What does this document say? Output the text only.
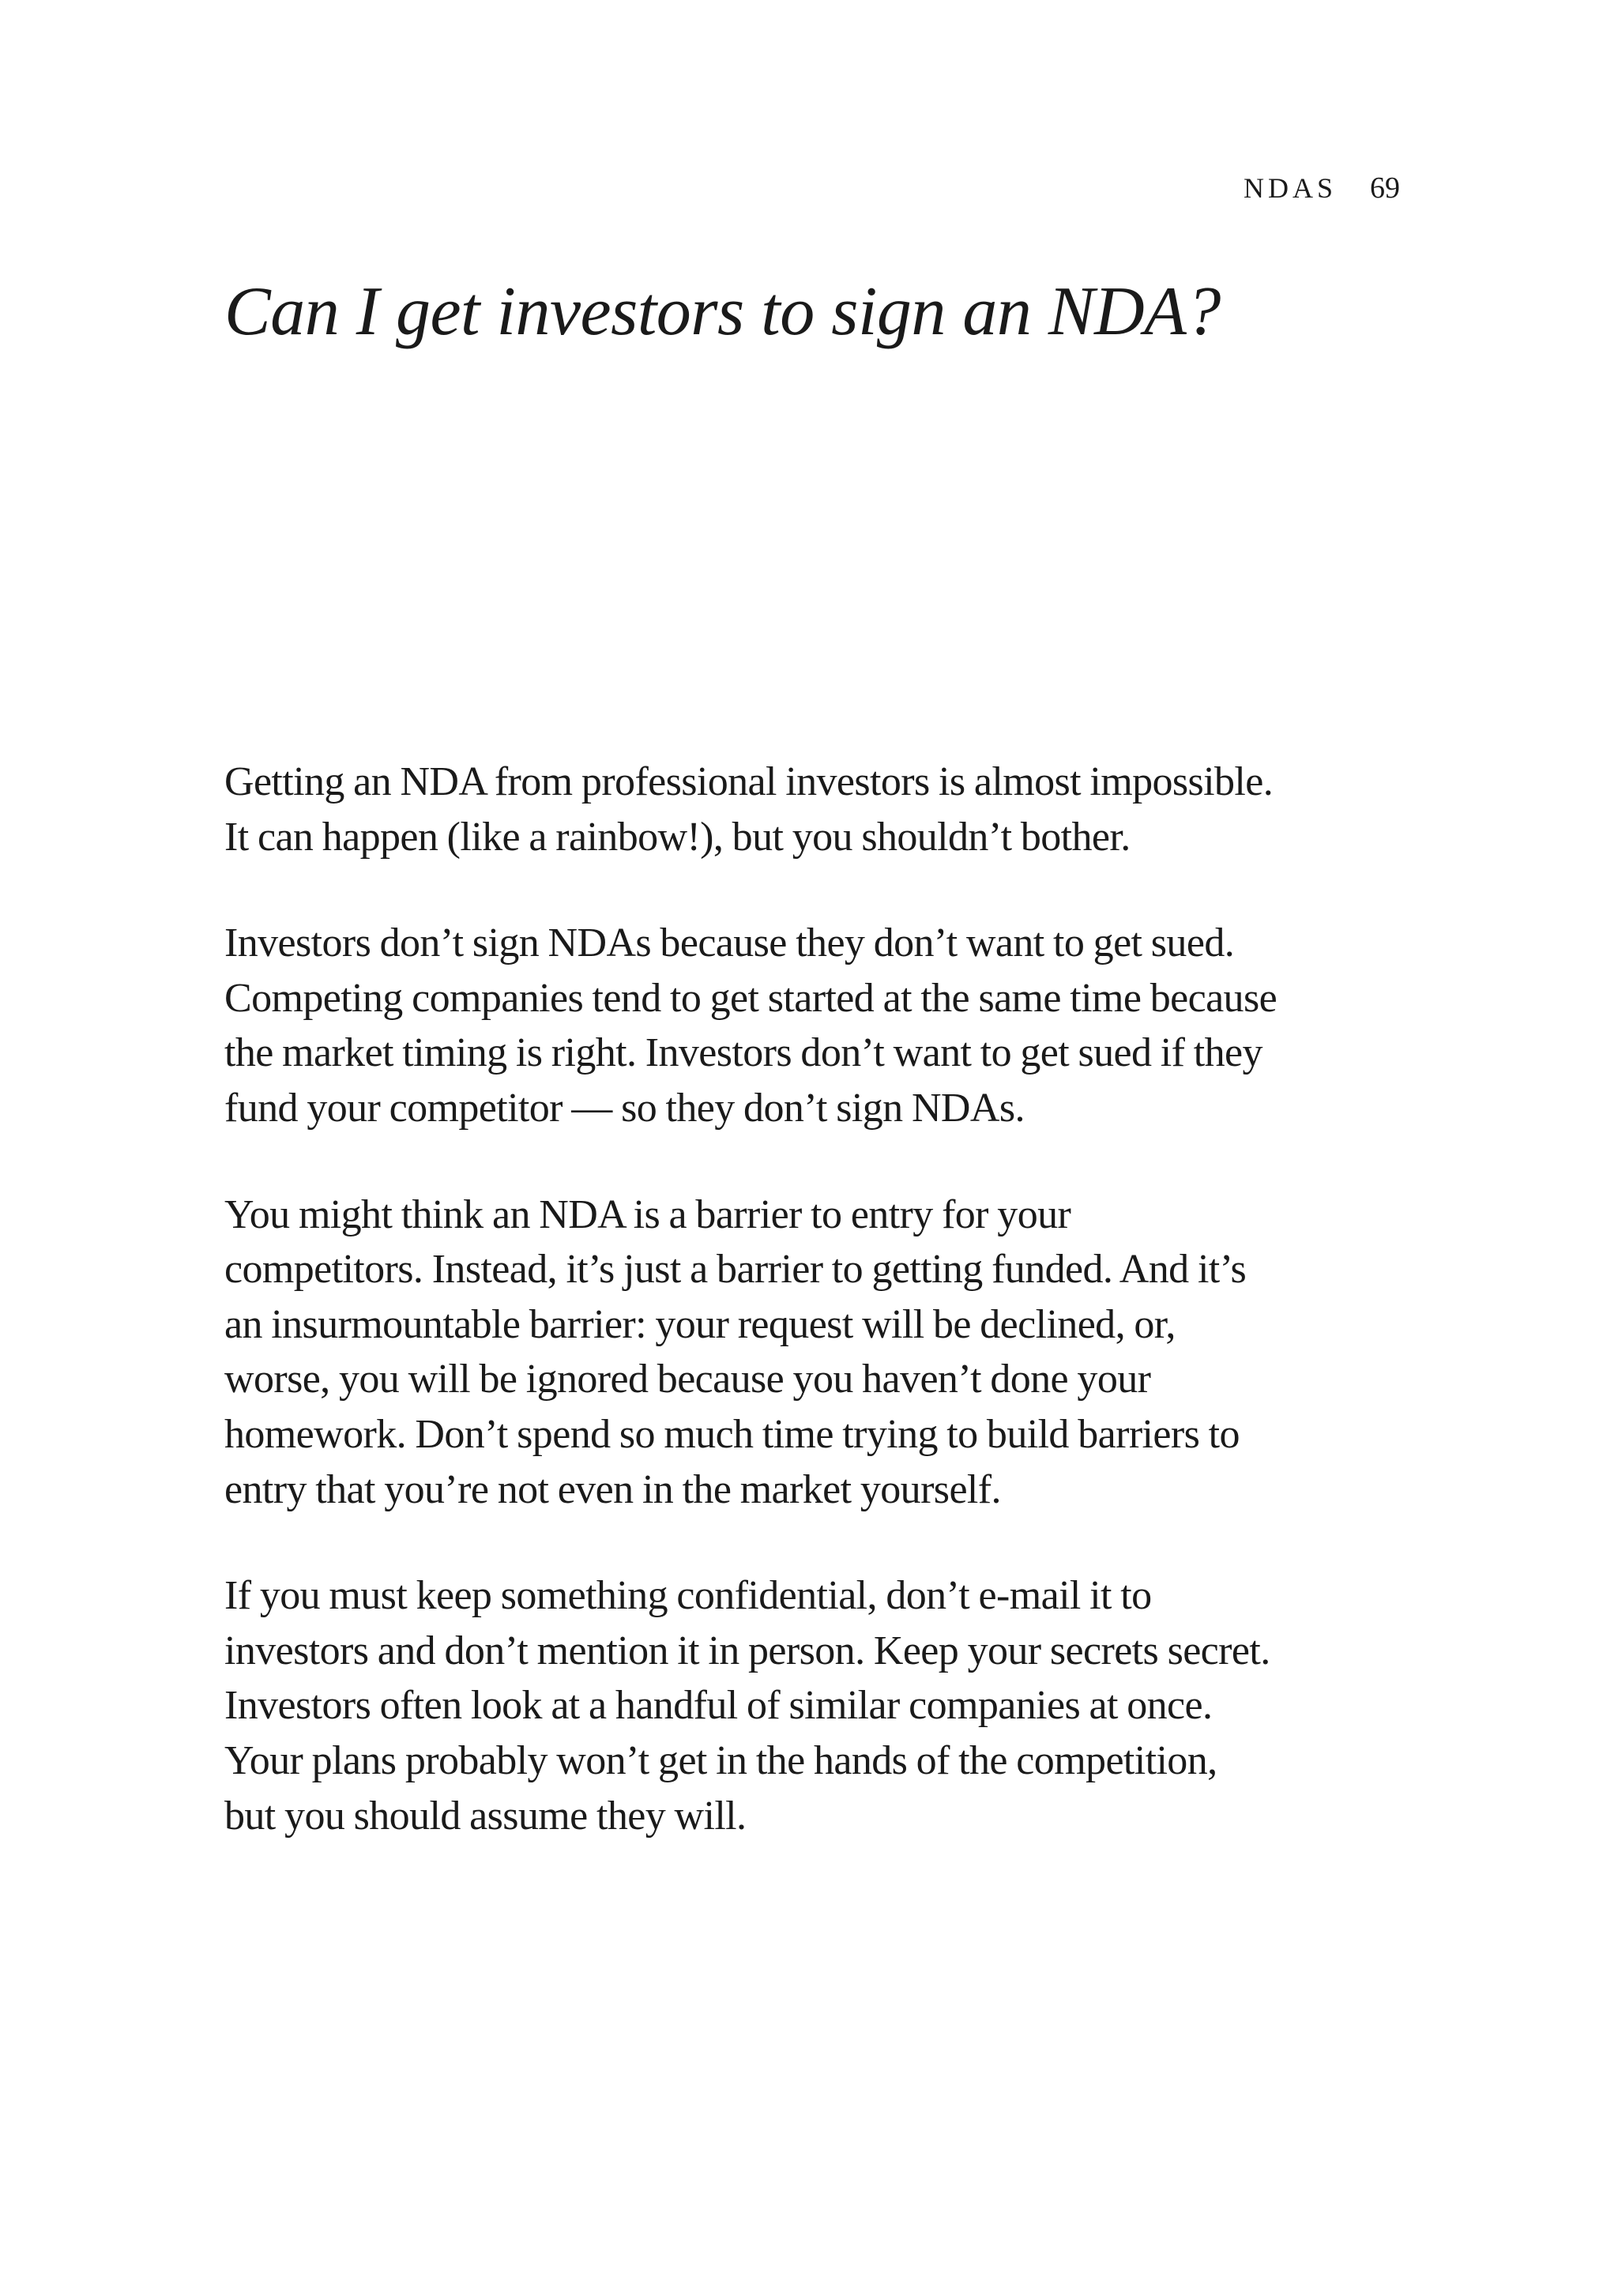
NDAS 69
Can I get investors to sign an NDA?

Getting an NDA from professional investors is almost impossible.
It can happen (like a rainbow!), but you shouldn’t bother.

Investors don’t sign NDAs because they don’t want to get sued.
Competing companies tend to get started at the same time because
the market timing is right. Investors don’t want to get sued if they
fund your competitor — so they don’t sign NDAs.

You might think an NDA is a barrier to entry for your
competitors. Instead, it’s just a barrier to getting funded. And it’s
an insurmountable barrier: your request will be declined, or,
worse, you will be ignored because you haven’t done your
homework. Don’t spend so much time trying to build barriers to
entry that you’re not even in the market yourself.

If you must keep something confidential, don’t e-mail it to
investors and don’t mention it in person. Keep your secrets secret.
Investors often look at a handful of similar companies at once.
Your plans probably won’t get in the hands of the competition,
but you should assume they will.
